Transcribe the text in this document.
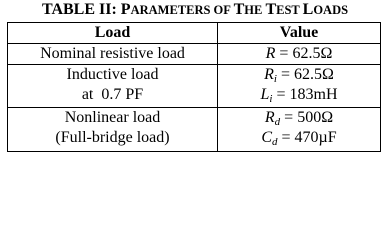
TABLE II: PARAMETERS OF THE TEST LOADS
Load	Value
Nominal resistive load	R = 62.5Ω
Inductive load
at  0.7 PF
$R_i = 62.5\Omega$
$L_i = 183mH$
Nonlinear load
(Full-bridge load)
$R_d = 500\Omega$
$C_d = 470\mu F$
